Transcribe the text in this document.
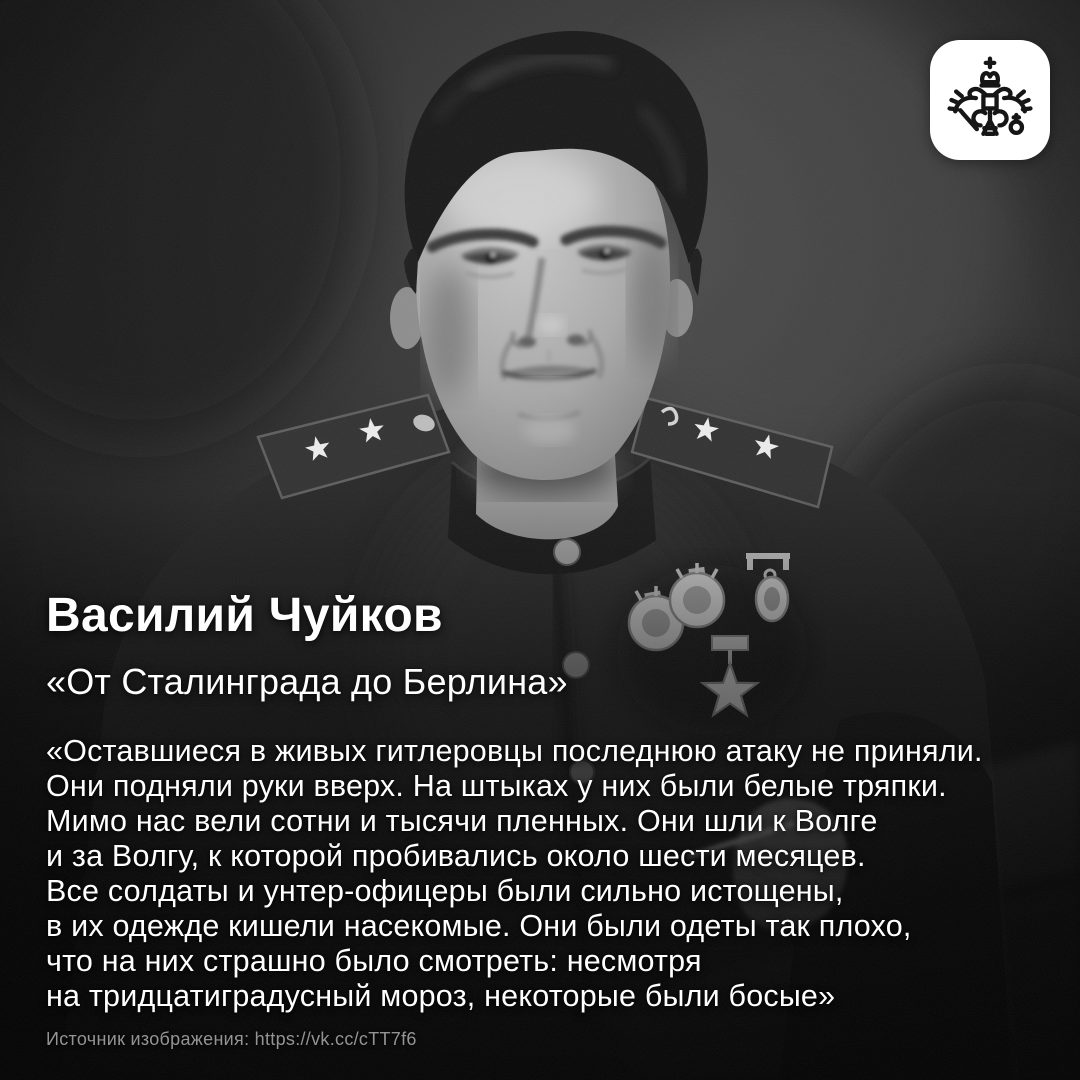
Василий Чуйков
«От Сталинграда до Берлина»
«Оставшиеся в живых гитлеровцы последнюю атаку не приняли.
Они подняли руки вверх. На штыках у них были белые тряпки.
Мимо нас вели сотни и тысячи пленных. Они шли к Волге
и за Волгу, к которой пробивались около шести месяцев.
Все солдаты и унтер-офицеры были сильно истощены,
в их одежде кишели насекомые. Они были одеты так плохо,
что на них страшно было смотреть: несмотря
на тридцатиградусный мороз, некоторые были босые»
Источник изображения: https://vk.cc/cTT7f6
